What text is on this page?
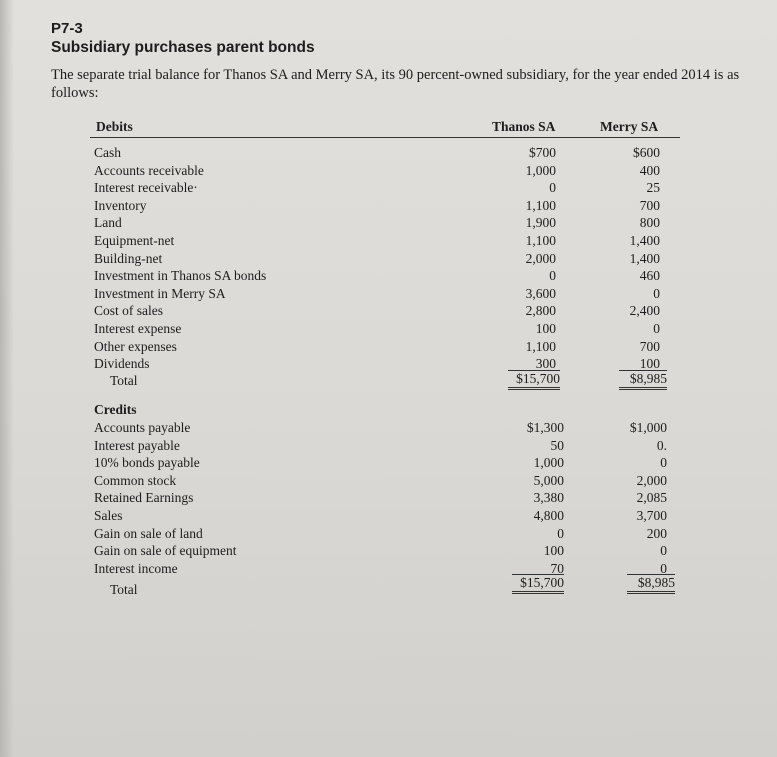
P7-3
Subsidiary purchases parent bonds
The separate trial balance for Thanos SA and Merry SA, its 90 percent-owned subsidiary, for the year ended 2014 is as follows:
Debits	Thanos SA	Merry SA
Cash	$700	$600
Accounts receivable	1,000	400
Interest receivable·	0	25
Inventory	1,100	700
Land	1,900	800
Equipment-net	1,100	1,400
Building-net	2,000	1,400
Investment in Thanos SA bonds	0	460
Investment in Merry SA	3,600	0
Cost of sales	2,800	2,400
Interest expense	100	0
Other expenses	1,100	700
Dividends	300	100
Total	$15,700	$8,985
Credits
Accounts payable	$1,300	$1,000
Interest payable	50	0.
10% bonds payable	1,000	0
Common stock	5,000	2,000
Retained Earnings	3,380	2,085
Sales	4,800	3,700
Gain on sale of land	0	200
Gain on sale of equipment	100	0
Interest income	70	0
Total	$15,700	$8,985
